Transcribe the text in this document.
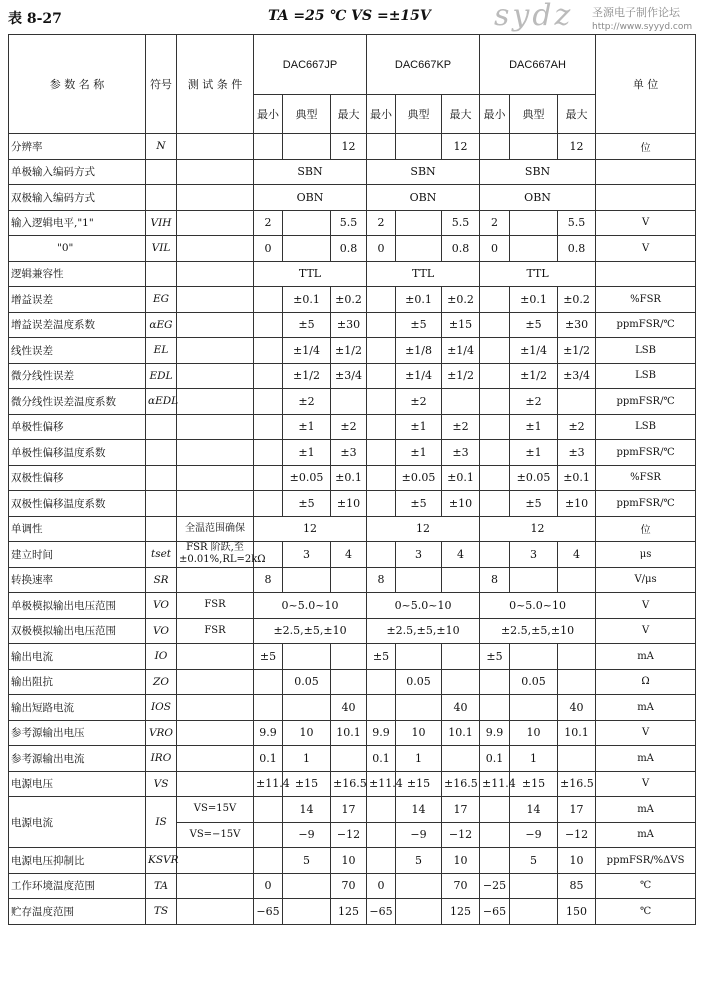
表 8-27	TA =25 ℃ VS =±15V sydz 圣源电子制作论坛
http://www.syyyd.com
参 数 名 称	符号	测 试 条 件	DAC667JP			DAC667KP			DAC667AH			单 位
			最小	典型	最大	最小	典型	最大	最小	典型	最大	
分辨率	N				12			12			12	位
单极输入编码方式			SBN			SBN			SBN			
双极输入编码方式			OBN			OBN			OBN			
输入逻辑电平,"1"	VIH		2		5.5	2		5.5	2		5.5	V
"0"	VIL		0		0.8	0		0.8	0		0.8	V
逻辑兼容性			TTL			TTL			TTL			
增益误差	EG			±0.1	±0.2		±0.1	±0.2		±0.1	±0.2	%FSR
增益误差温度系数	αEG			±5	±30		±5	±15		±5	±30	ppmFSR/℃
线性误差	EL			±1/4	±1/2		±1/8	±1/4		±1/4	±1/2	LSB
微分线性误差	EDL			±1/2	±3/4		±1/4	±1/2		±1/2	±3/4	LSB
微分线性误差温度系数	αEDL			±2			±2			±2		ppmFSR/℃
单极性偏移				±1	±2		±1	±2		±1	±2	LSB
单极性偏移温度系数				±1	±3		±1	±3		±1	±3	ppmFSR/℃
双极性偏移				±0.05	±0.1		±0.05	±0.1		±0.05	±0.1	%FSR
双极性偏移温度系数				±5	±10		±5	±10		±5	±10	ppmFSR/℃
单调性		全温范围确保	12			12			12			位
建立时间	tset	FSR 阶跃,至±0.01%,RL=2kΩ		3	4		3	4		3	4	μs
转换速率	SR		8			8			8			V/μs
单极模拟输出电压范围	VO	FSR	0~5.0~10			0~5.0~10			0~5.0~10			V
双极模拟输出电压范围	VO	FSR	±2.5,±5,±10			±2.5,±5,±10			±2.5,±5,±10			V
输出电流	IO		±5			±5			±5			mA
输出阻抗	ZO			0.05			0.05			0.05		Ω
输出短路电流	IOS				40			40			40	mA
参考源输出电压	VRO		9.9	10	10.1	9.9	10	10.1	9.9	10	10.1	V
参考源输出电流	IRO		0.1	1		0.1	1		0.1	1		mA
电源电压	VS		±11.4	±15	±16.5	±11.4	±15	±16.5	±11.4	±15	±16.5	V
电源电流	IS	VS=15V		14	17		14	17		14	17	mA
		VS=−15V		−9	−12		−9	−12		−9	−12	mA
电源电压抑制比	KSVR			5	10		5	10		5	10	ppmFSR/%ΔVS
工作环境温度范围	TA		0		70	0		70	−25		85	℃
贮存温度范围	TS		−65		125	−65		125	−65		150	℃
